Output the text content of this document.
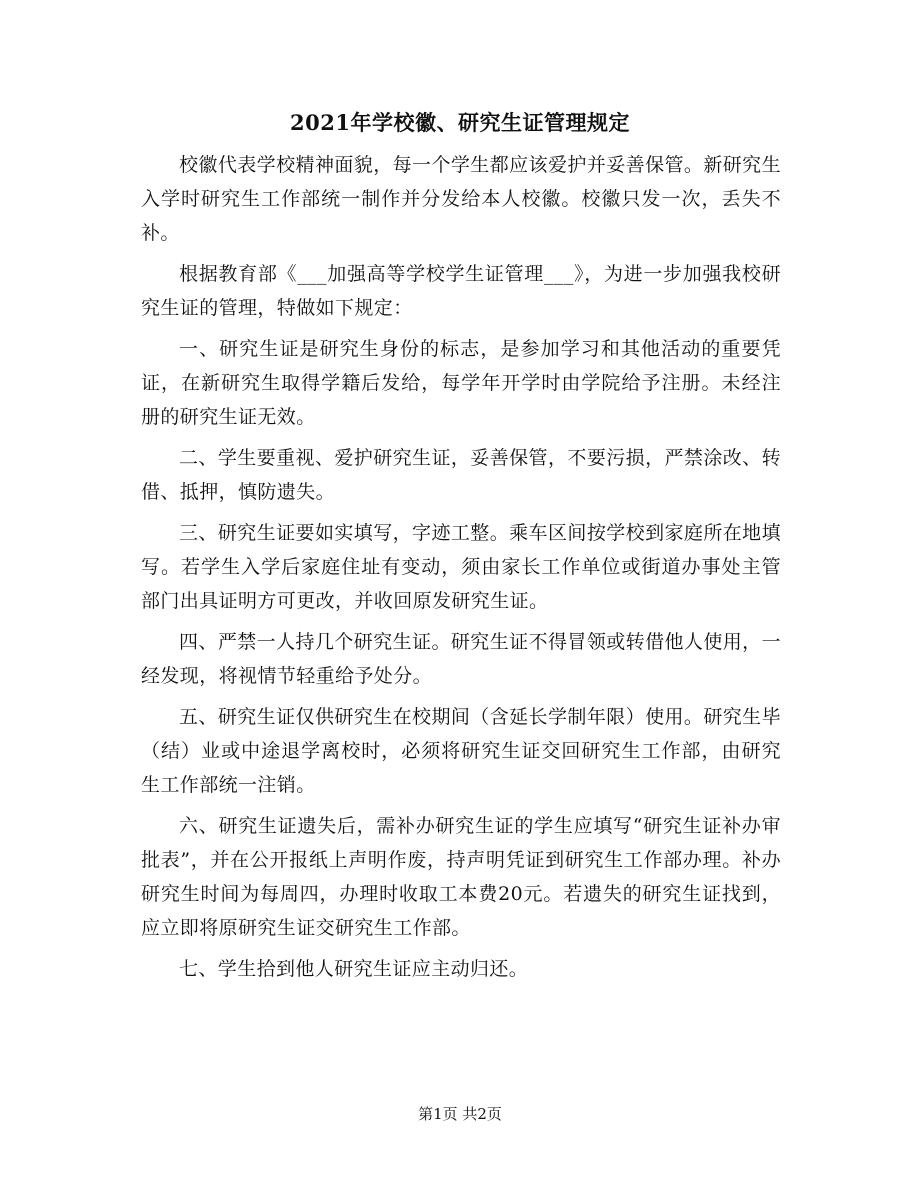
2021年学校徽、研究生证管理规定

校徽代表学校精神面貌，每一个学生都应该爱护并妥善保管。新研究生入学时研究生工作部统一制作并分发给本人校徽。校徽只发一次，丢失不补。

根据教育部《___加强高等学校学生证管理___》，为进一步加强我校研究生证的管理，特做如下规定：

一、研究生证是研究生身份的标志，是参加学习和其他活动的重要凭证，在新研究生取得学籍后发给，每学年开学时由学院给予注册。未经注册的研究生证无效。

二、学生要重视、爱护研究生证，妥善保管，不要污损，严禁涂改、转借、抵押，慎防遗失。

三、研究生证要如实填写，字迹工整。乘车区间按学校到家庭所在地填写。若学生入学后家庭住址有变动，须由家长工作单位或街道办事处主管部门出具证明方可更改，并收回原发研究生证。

四、严禁一人持几个研究生证。研究生证不得冒领或转借他人使用，一经发现，将视情节轻重给予处分。

五、研究生证仅供研究生在校期间（含延长学制年限）使用。研究生毕（结）业或中途退学离校时，必须将研究生证交回研究生工作部，由研究生工作部统一注销。

六、研究生证遗失后，需补办研究生证的学生应填写“研究生证补办审批表”，并在公开报纸上声明作废，持声明凭证到研究生工作部办理。补办研究生时间为每周四，办理时收取工本费20元。若遗失的研究生证找到，应立即将原研究生证交研究生工作部。

七、学生拾到他人研究生证应主动归还。

第1页 共2页
